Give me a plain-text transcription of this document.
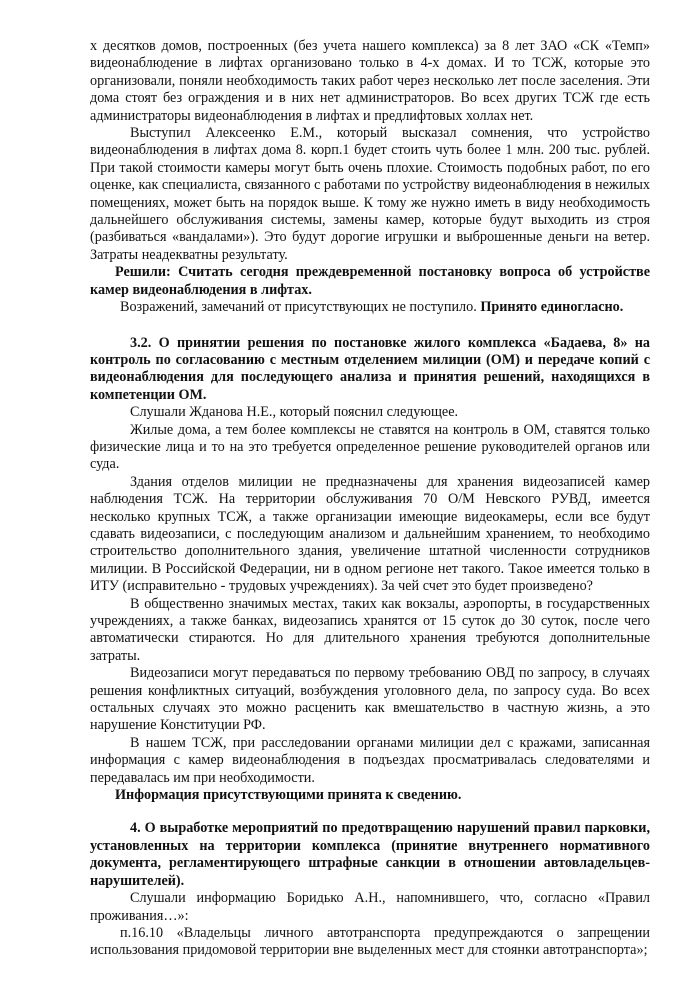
х десятков домов, построенных (без учета нашего комплекса) за 8 лет ЗАО «СК «Темп» видеонаблюдение в лифтах организовано только в 4-х домах. И то ТСЖ, которые это организовали, поняли необходимость таких работ через несколько лет после заселения. Эти дома стоят без ограждения и в них нет администраторов. Во всех других ТСЖ где есть администраторы видеонаблюдения в лифтах и предлифтовых холлах нет.

Выступил Алексеенко Е.М., который высказал сомнения, что устройство видеонаблюдения в лифтах дома 8. корп.1 будет стоить чуть более 1 млн. 200 тыс. рублей. При такой стоимости камеры могут быть очень плохие. Стоимость подобных работ, по его оценке, как специалиста, связанного с работами по устройству видеонаблюдения в нежилых помещениях, может быть на порядок выше. К тому же нужно иметь в виду необходимость дальнейшего обслуживания системы, замены камер, которые будут выходить из строя (разбиваться «вандалами»). Это будут дорогие игрушки и выброшенные деньги на ветер. Затраты неадекватны результату.

Решили: Считать сегодня преждевременной постановку вопроса об устройстве камер видеонаблюдения в лифтах.

Возражений, замечаний от присутствующих не поступило. Принято единогласно.

3.2. О принятии решения по постановке жилого комплекса «Бадаева, 8» на контроль по согласованию с местным отделением милиции (ОМ) и передаче копий с видеонаблюдения для последующего анализа и принятия решений, находящихся в компетенции ОМ.

Слушали Жданова Н.Е., который пояснил следующее.

Жилые дома, а тем более комплексы не ставятся на контроль в ОМ, ставятся только физические лица и то на это требуется определенное решение руководителей органов или суда.

Здания отделов милиции не предназначены для хранения видеозаписей камер наблюдения ТСЖ. На территории обслуживания 70 О/М Невского РУВД, имеется несколько крупных ТСЖ, а также организации имеющие видеокамеры, если все будут сдавать видеозаписи, с последующим анализом и дальнейшим хранением, то необходимо строительство дополнительного здания, увеличение штатной численности сотрудников милиции. В Российской Федерации, ни в одном регионе нет такого. Такое имеется только в ИТУ (исправительно - трудовых учреждениях). За чей счет это будет произведено?

В общественно значимых местах, таких как вокзалы, аэропорты, в государственных учреждениях, а также банках, видеозапись хранятся от 15 суток до 30 суток, после чего автоматически стираются. Но для длительного хранения требуются дополнительные затраты.

Видеозаписи могут передаваться по первому требованию ОВД по запросу, в случаях решения конфликтных ситуаций, возбуждения уголовного дела, по запросу суда. Во всех остальных случаях это можно расценить как вмешательство в частную жизнь, а это нарушение Конституции РФ.

В нашем ТСЖ, при расследовании органами милиции дел с кражами, записанная информация с камер видеонаблюдения в подъездах просматривалась следователями и передавалась им при необходимости.

Информация присутствующими принята к сведению.

4. О выработке мероприятий по предотвращению нарушений правил парковки, установленных на территории комплекса (принятие внутреннего нормативного документа, регламентирующего штрафные санкции в отношении автовладельцев-нарушителей).

Слушали информацию Боридько А.Н., напомнившего, что, согласно «Правил проживания…»:

п.16.10 «Владельцы личного автотранспорта предупреждаются о запрещении использования придомовой территории вне выделенных мест для стоянки автотранспорта»;
